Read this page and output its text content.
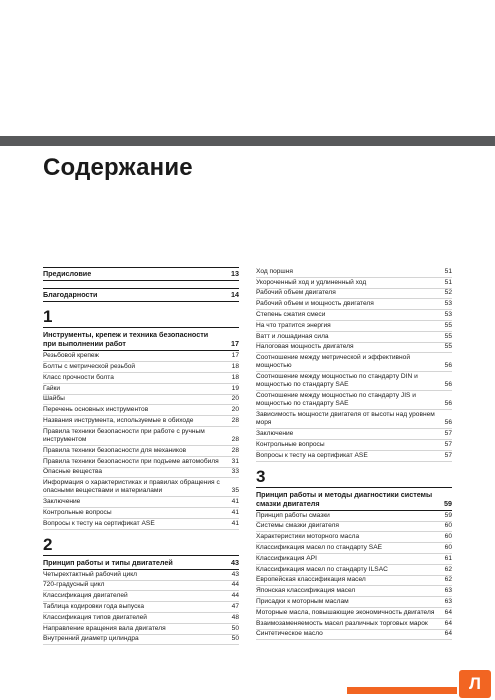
Содержание
Предисловие	13
Благодарности	14
1
Инструменты, крепеж и техника безопасности при выполнении работ	17
Резьбовой крепеж	17
Болты с метрической резьбой	18
Класс прочности болта	18
Гайки	19
Шайбы	20
Перечень основных инструментов	20
Названия инструмента, используемые в обиходе	28
Правила техники безопасности при работе с ручным инструментом	28
Правила техники безопасности для механиков	28
Правила техники безопасности при подъеме автомобиля	31
Опасные вещества	33
Информация о характеристиках и правилах обращения с опасными веществами и материалами	35
Заключение	41
Контрольные вопросы	41
Вопросы к тесту на сертификат ASE	41
2
Принцип работы и типы двигателей	43
Четырехтактный рабочий цикл	43
720-градусный цикл	44
Классификация двигателей	44
Таблица кодировки года выпуска	47
Классификация типов двигателей	48
Направление вращения вала двигателя	50
Внутренний диаметр цилиндра	50
Ход поршня	51
Укороченный ход и удлиненный ход	51
Рабочий объем двигателя	52
Рабочий объем и мощность двигателя	53
Степень сжатия смеси	53
На что тратится энергия	55
Ватт и лошадиная сила	55
Налоговая мощность двигателя	55
Соотношение между метрической и эффективной мощностью	56
Соотношение между мощностью по стандарту DIN и мощностью по стандарту SAE	56
Соотношение между мощностью по стандарту JIS и мощностью по стандарту SAE	56
Зависимость мощности двигателя от высоты над уровнем моря	56
Заключение	57
Контрольные вопросы	57
Вопросы к тесту на сертификат ASE	57
3
Принцип работы и методы диагностики системы смазки двигателя	59
Принцип работы смазки	59
Системы смазки двигателя	60
Характеристики моторного масла	60
Классификация масел по стандарту SAE	60
Классификация API	61
Классификация масел по стандарту ILSAC	62
Европейская классификация масел	62
Японская классификация масел	63
Присадки к моторным маслам	63
Моторные масла, повышающие экономичность двигателя	64
Взаимозаменяемость масел различных торговых марок	64
Синтетическое масло	64
Л
